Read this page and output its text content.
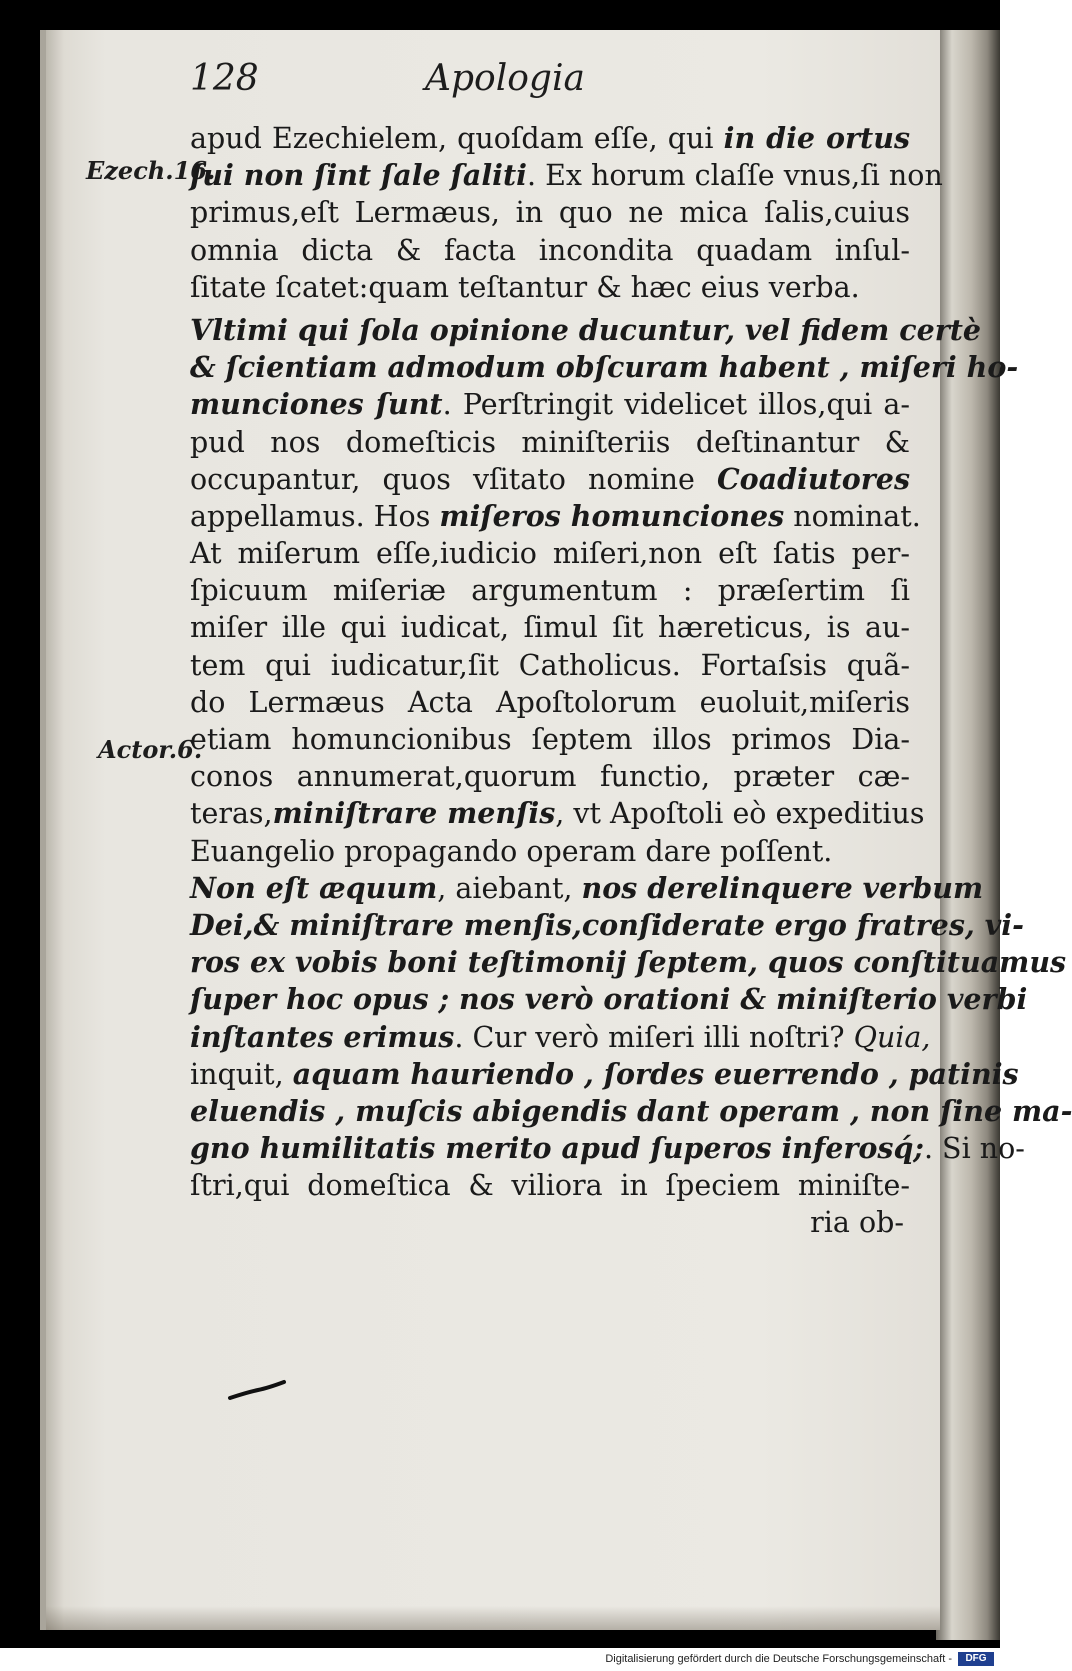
128	Apologia
Ezech.16.
Actor.6.
apud Ezechielem, quoſdam eſſe, qui in die ortus
ſui non ſint ſale ſaliti. Ex horum claſſe vnus,ſi non
primus,eſt Lermæus, in quo ne mica ſalis,cuius
omnia dicta & facta incondita quadam inſul-
ſitate ſcatet:quam teſtantur & hæc eius verba.
Vltimi qui ſola opinione ducuntur, vel fidem certè
& ſcientiam admodum obſcuram habent , miſeri ho-
munciones ſunt. Perſtringit videlicet illos,qui a-
pud nos domeſticis miniſteriis deſtinantur &
occupantur, quos vſitato nomine Coadiutores
appellamus. Hos miſeros homunciones nominat.
At miſerum eſſe,iudicio miſeri,non eſt ſatis per-
ſpicuum miſeriæ argumentum : præſertim ſi
miſer ille qui iudicat, ſimul ſit hæreticus, is au-
tem qui iudicatur,ſit Catholicus. Fortaſsis quã-
do Lermæus Acta Apoſtolorum euoluit,miſeris
etiam homuncionibus ſeptem illos primos Dia-
conos annumerat,quorum functio, præter cæ-
teras,miniſtrare menſis, vt Apoſtoli eò expeditius
Euangelio propagando operam dare poſſent.
Non eſt æquum, aiebant, nos derelinquere verbum
Dei,& miniſtrare menſis,conſiderate ergo fratres, vi-
ros ex vobis boni teſtimonij ſeptem, quos conſtituamus
ſuper hoc opus ; nos verò orationi & miniſterio verbi
inſtantes erimus. Cur verò miſeri illi noſtri? Quia,
inquit, aquam hauriendo , ſordes euerrendo , patinis
eluendis , muſcis abigendis dant operam , non ſine ma-
gno humilitatis merito apud ſuperos inferosq́;. Si no-
ſtri,qui domeſtica & viliora in ſpeciem miniſte-
ria ob-
Digitalisierung gefördert durch die Deutsche Forschungsgemeinschaft -	DFG
